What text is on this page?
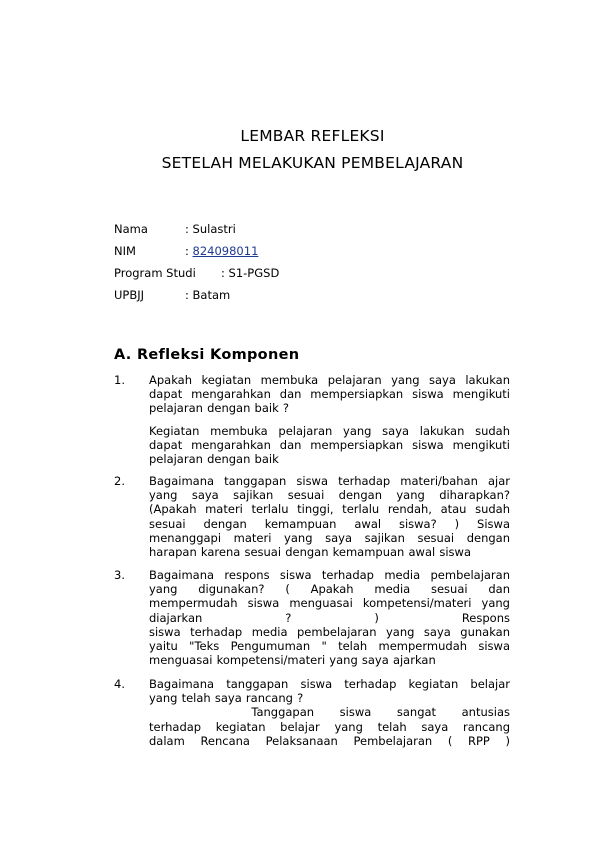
LEMBAR REFLEKSI
SETELAH MELAKUKAN PEMBELAJARAN
Nama	: Sulastri
NIM	: 824098011
Program Studi : S1-PGSD
UPBJJ	: Batam
A. Refleksi Komponen
1. Apakah kegiatan membuka pelajaran yang saya lakukan
dapat mengarahkan dan mempersiapkan siswa mengikuti
pelajaran dengan baik ?
Kegiatan membuka pelajaran yang saya lakukan sudah
dapat mengarahkan dan mempersiapkan siswa mengikuti
pelajaran dengan baik
2. Bagaimana tanggapan siswa terhadap materi/bahan ajar
yang saya sajikan sesuai dengan yang diharapkan?
(Apakah materi terlalu tinggi, terlalu rendah, atau sudah
sesuai dengan kemampuan awal siswa? ) Siswa
menanggapi materi yang saya sajikan sesuai dengan
harapan karena sesuai dengan kemampuan awal siswa
3. Bagaimana respons siswa terhadap media pembelajaran
yang digunakan? ( Apakah media sesuai dan
mempermudah siswa menguasai kompetensi/materi yang
diajarkan ? ) Respons
siswa terhadap media pembelajaran yang saya gunakan
yaitu "Teks Pengumuman " telah mempermudah siswa
menguasai kompetensi/materi yang saya ajarkan
4. Bagaimana tanggapan siswa terhadap kegiatan belajar
yang telah saya rancang ?
Tanggapan     siswa     sangat     antusias
terhadap kegiatan belajar yang telah saya rancang
dalam Rencana Pelaksanaan Pembelajaran ( RPP )
